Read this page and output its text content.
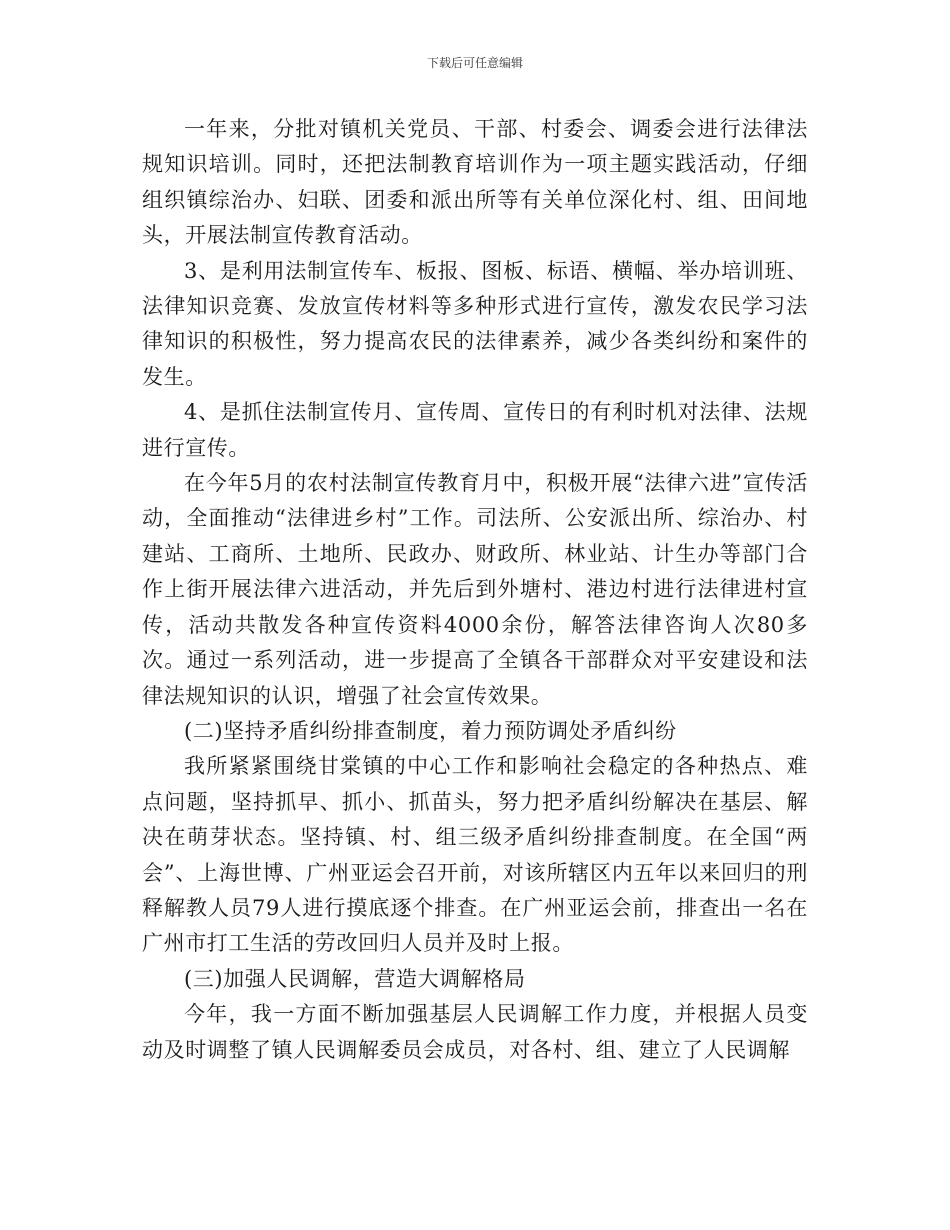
下载后可任意编辑

一年来，分批对镇机关党员、干部、村委会、调委会进行法律法规知识培训。同时，还把法制教育培训作为一项主题实践活动，仔细组织镇综治办、妇联、团委和派出所等有关单位深化村、组、田间地头，开展法制宣传教育活动。

3、是利用法制宣传车、板报、图板、标语、横幅、举办培训班、法律知识竞赛、发放宣传材料等多种形式进行宣传，激发农民学习法律知识的积极性，努力提高农民的法律素养，减少各类纠纷和案件的发生。

4、是抓住法制宣传月、宣传周、宣传日的有利时机对法律、法规进行宣传。

在今年5月的农村法制宣传教育月中，积极开展“法律六进”宣传活动，全面推动“法律进乡村”工作。司法所、公安派出所、综治办、村建站、工商所、土地所、民政办、财政所、林业站、计生办等部门合作上街开展法律六进活动，并先后到外塘村、港边村进行法律进村宣传，活动共散发各种宣传资料4000余份，解答法律咨询人次80多次。通过一系列活动，进一步提高了全镇各干部群众对平安建设和法律法规知识的认识，增强了社会宣传效果。

(二)坚持矛盾纠纷排查制度，着力预防调处矛盾纠纷

我所紧紧围绕甘棠镇的中心工作和影响社会稳定的各种热点、难点问题，坚持抓早、抓小、抓苗头，努力把矛盾纠纷解决在基层、解决在萌芽状态。坚持镇、村、组三级矛盾纠纷排查制度。在全国“两会”、上海世博、广州亚运会召开前，对该所辖区内五年以来回归的刑释解教人员79人进行摸底逐个排查。在广州亚运会前，排查出一名在广州市打工生活的劳改回归人员并及时上报。

(三)加强人民调解，营造大调解格局

今年，我一方面不断加强基层人民调解工作力度，并根据人员变动及时调整了镇人民调解委员会成员，对各村、组、建立了人民调解
